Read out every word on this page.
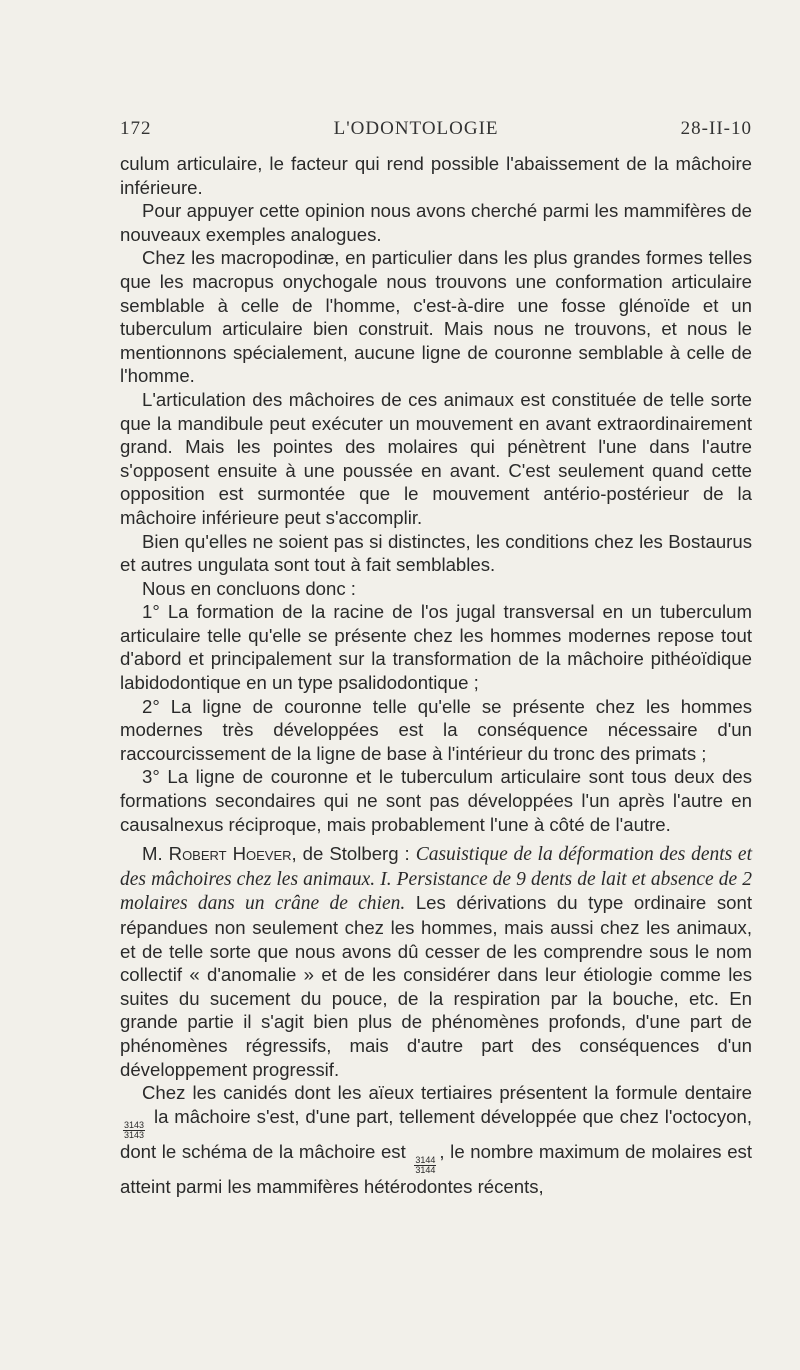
172	L'ODONTOLOGIE	28-II-10

culum articulaire, le facteur qui rend possible l'abaissement de la mâchoire inférieure.

Pour appuyer cette opinion nous avons cherché parmi les mammifères de nouveaux exemples analogues.

Chez les macropodinæ, en particulier dans les plus grandes formes telles que les macropus onychogale nous trouvons une conformation articulaire semblable à celle de l'homme, c'est-à-dire une fosse glénoïde et un tuberculum articulaire bien construit. Mais nous ne trouvons, et nous le mentionnons spécialement, aucune ligne de couronne semblable à celle de l'homme.

L'articulation des mâchoires de ces animaux est constituée de telle sorte que la mandibule peut exécuter un mouvement en avant extraordinairement grand. Mais les pointes des molaires qui pénètrent l'une dans l'autre s'opposent ensuite à une poussée en avant. C'est seulement quand cette opposition est surmontée que le mouvement antério-postérieur de la mâchoire inférieure peut s'accomplir.

Bien qu'elles ne soient pas si distinctes, les conditions chez les Bostaurus et autres ungulata sont tout à fait semblables.

Nous en concluons donc :

1° La formation de la racine de l'os jugal transversal en un tuberculum articulaire telle qu'elle se présente chez les hommes modernes repose tout d'abord et principalement sur la transformation de la mâchoire pithéoïdique labidodontique en un type psalidodontique ;

2° La ligne de couronne telle qu'elle se présente chez les hommes modernes très développées est la conséquence nécessaire d'un raccourcissement de la ligne de base à l'intérieur du tronc des primats ;

3° La ligne de couronne et le tuberculum articulaire sont tous deux des formations secondaires qui ne sont pas développées l'un après l'autre en causalnexus réciproque, mais probablement l'une à côté de l'autre.

M. Robert Hoever, de Stolberg : Casuistique de la déformation des dents et des mâchoires chez les animaux. I. Persistance de 9 dents de lait et absence de 2 molaires dans un crâne de chien. Les dérivations du type ordinaire sont répandues non seulement chez les hommes, mais aussi chez les animaux, et de telle sorte que nous avons dû cesser de les comprendre sous le nom collectif « d'anomalie » et de les considérer dans leur étiologie comme les suites du sucement du pouce, de la respiration par la bouche, etc. En grande partie il s'agit bien plus de phénomènes profonds, d'une part de phénomènes régressifs, mais d'autre part des conséquences d'un développement progressif.

Chez les canidés dont les aïeux tertiaires présentent la formule dentaire
$\frac{3143}{3143}$
la mâchoire s'est, d'une part, tellement développée que chez l'octocyon, dont le schéma de la mâchoire est
$\frac{3144}{3144}$
, le nombre maximum de molaires est atteint parmi les mammifères hétérodontes récents,
